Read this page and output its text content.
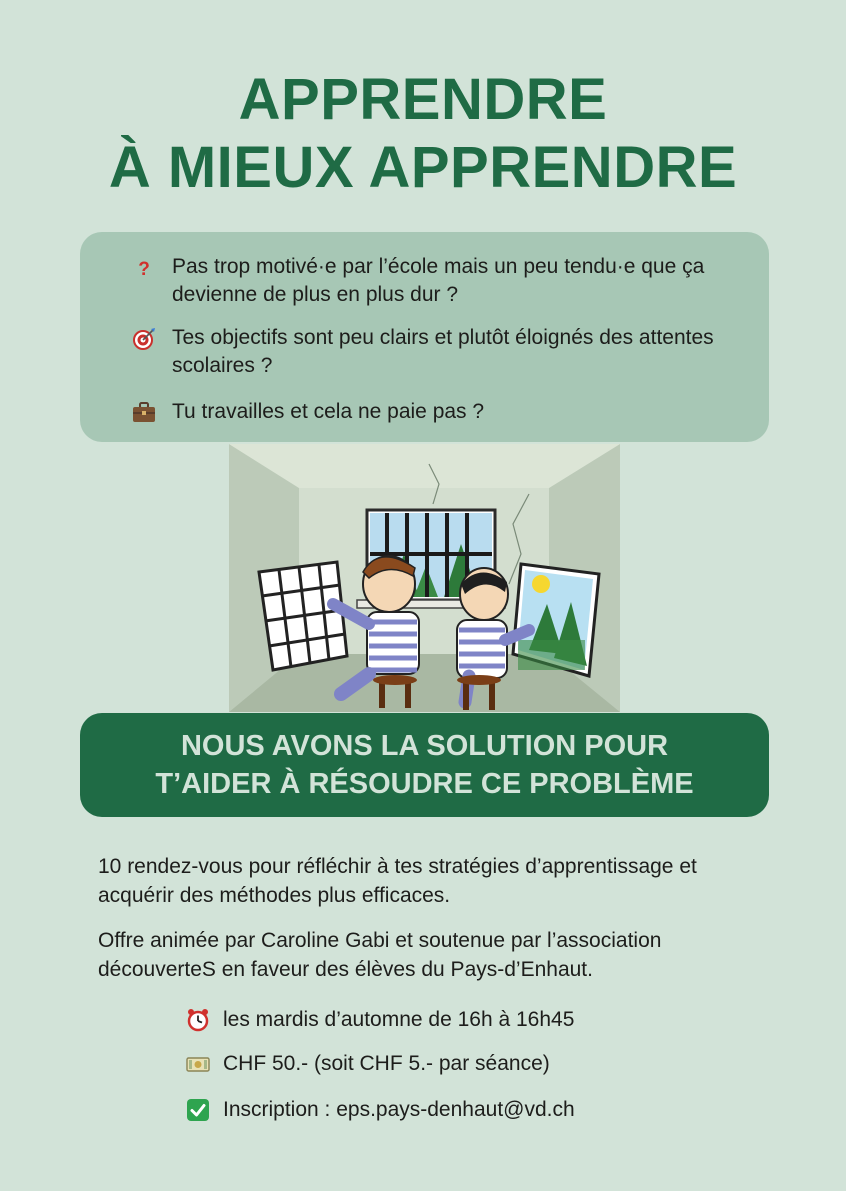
APPRENDRE
À MIEUX APPRENDRE
? Pas trop motivé·e par l’école mais un peu tendu·e que ça devienne de plus en plus dur ?
Tes objectifs sont peu clairs et plutôt éloignés des attentes scolaires ?
Tu travailles et cela ne paie pas ?
NOUS AVONS LA SOLUTION POUR
T’AIDER À RÉSOUDRE CE PROBLÈME
10 rendez-vous pour réfléchir à tes stratégies d’apprentissage et acquérir des méthodes plus efficaces.
Offre animée par Caroline Gabi et soutenue par l’association découverteS en faveur des élèves du Pays-d’Enhaut.
les mardis d’automne de 16h à 16h45
CHF 50.- (soit CHF 5.- par séance)
Inscription : eps.pays-denhaut@vd.ch
